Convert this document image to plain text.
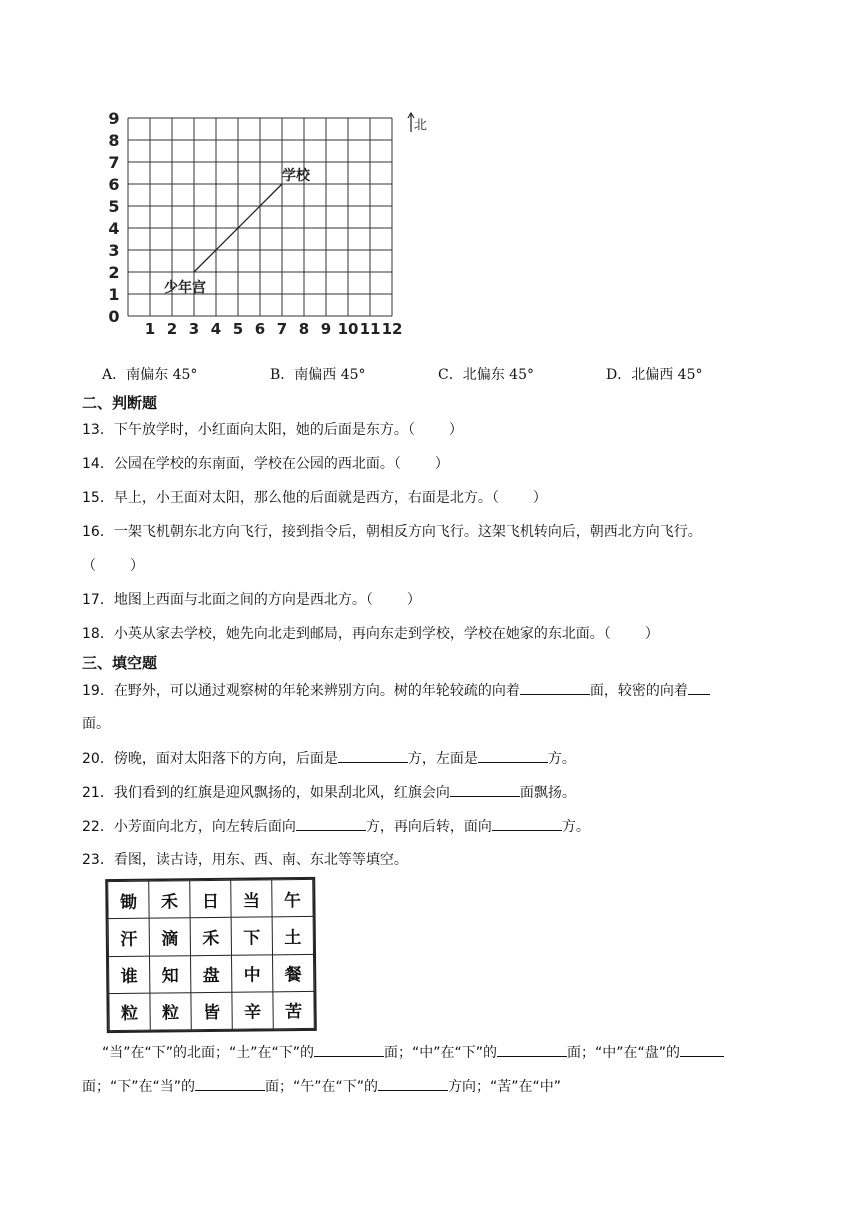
0
1
2
3
4
5
6
7
8
9
1 2 3 4 5 6 7 8 9 10 11 12
少年宫
学校
北
A．南偏东 45°	B．南偏西 45°	C．北偏东 45°	D．北偏西 45°
二、判断题
13．下午放学时，小红面向太阳，她的后面是东方。（ ）
14．公园在学校的东南面，学校在公园的西北面。（ ）
15．早上，小王面对太阳，那么他的后面就是西方，右面是北方。（ ）
16．一架飞机朝东北方向飞行，接到指令后，朝相反方向飞行。这架飞机转向后，朝西北方向飞行。
（ ）
17．地图上西面与北面之间的方向是西北方。（ ）
18．小英从家去学校，她先向北走到邮局，再向东走到学校，学校在她家的东北面。（ ）
三、填空题
19．在野外，可以通过观察树的年轮来辨别方向。树的年轮较疏的向着	面，较密的向着
面。
20．傍晚，面对太阳落下的方向，后面是	方，左面是	方。
21．我们看到的红旗是迎风飘扬的，如果刮北风，红旗会向	面飘扬。
22．小芳面向北方，向左转后面向	方，再向后转，面向	方。
23．看图，读古诗，用东、西、南、东北等等填空。
锄	禾	日	当	午
汗	滴	禾	下	土
谁	知	盘	中	餐
粒	粒	皆	辛	苦
“当”在“下”的北面；“土”在“下”的	面；“中”在“下”的	面；“中”在“盘”的
面；“下”在“当”的	面；“午”在“下”的	方向；“苦”在“中”
